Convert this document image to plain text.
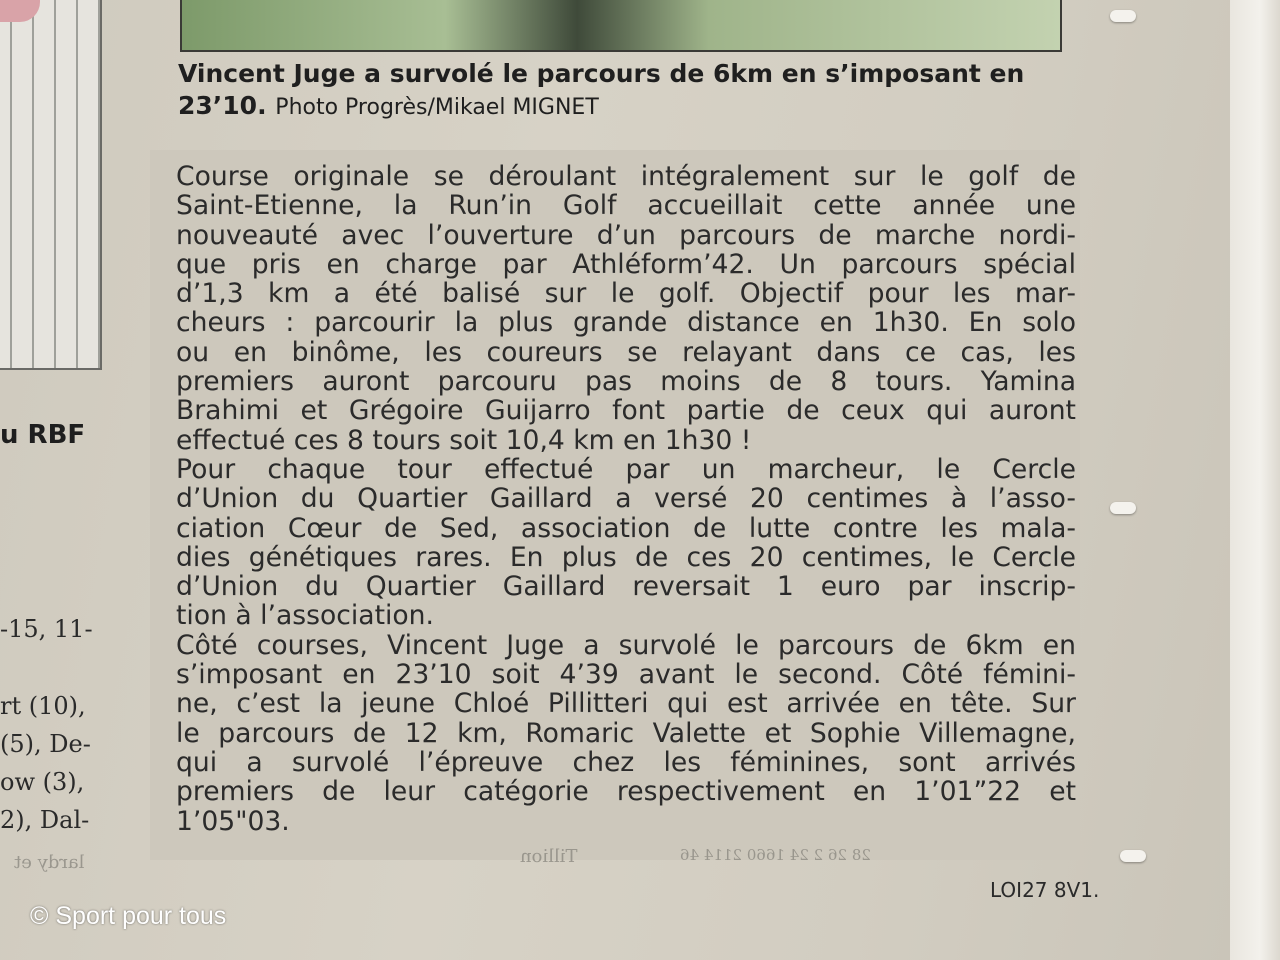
u RBF
-15, 11-
rt (10),
(5), De-
ow (3),
2), Dal-
lardy et
Vincent Juge a survolé le parcours de 6km en s’imposant en
23’10. Photo Progrès/Mikael MIGNET
Course originale se déroulant intégralement sur le golf de
Saint-Etienne, la Run’in Golf accueillait cette année une
nouveauté avec l’ouverture d’un parcours de marche nordi-
que pris en charge par Athléform’42. Un parcours spécial
d’1,3 km a été balisé sur le golf. Objectif pour les mar-
cheurs : parcourir la plus grande distance en 1h30. En solo
ou en binôme, les coureurs se relayant dans ce cas, les
premiers auront parcouru pas moins de 8 tours. Yamina
Brahimi et Grégoire Guijarro font partie de ceux qui auront
effectué ces 8 tours soit 10,4 km en 1h30 !
Pour chaque tour effectué par un marcheur, le Cercle
d’Union du Quartier Gaillard a versé 20 centimes à l’asso-
ciation Cœur de Sed, association de lutte contre les mala-
dies génétiques rares. En plus de ces 20 centimes, le Cercle
d’Union du Quartier Gaillard reversait 1 euro par inscrip-
tion à l’association.
Côté courses, Vincent Juge a survolé le parcours de 6km en
s’imposant en 23’10 soit 4’39 avant le second. Côté fémini-
ne, c’est la jeune Chloé Pillitteri qui est arrivée en tête. Sur
le parcours de 12 km, Romaric Valette et Sophie Villemagne,
qui a survolé l’épreuve chez les féminines, sont arrivés
premiers de leur catégorie respectivement en 1’01”22 et
1’05"03.
Tillion	28 26 2 24 1660 2114 46
LOI27 8V1.
© Sport pour tous
